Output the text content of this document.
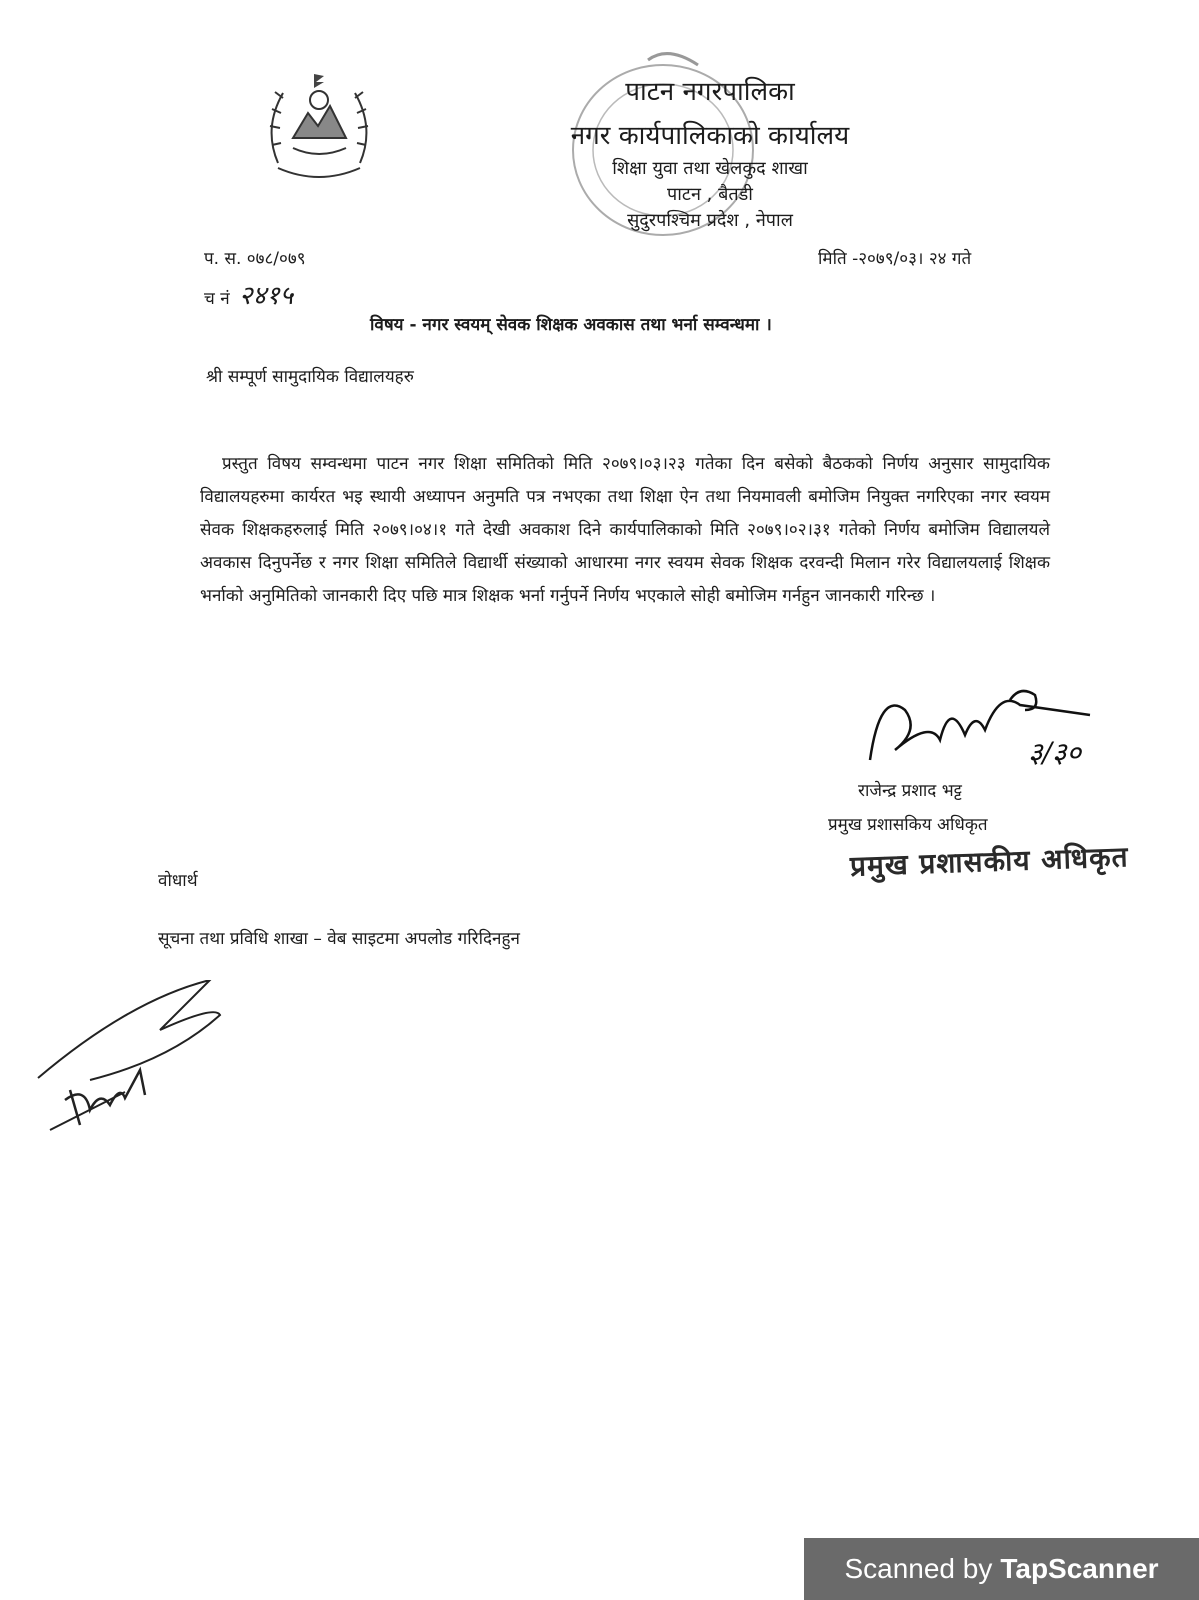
पाटन नगरपालिका
नगर कार्यपालिकाको कार्यालय
शिक्षा युवा तथा खेलकुद शाखा
पाटन , बैतडी
सुदुरपश्चिम प्रदेश , नेपाल
प. स. ०७८/०७९
च नं २४१५
मिति -२०७९/०३। २४ गते
विषय - नगर स्वयम् सेवक शिक्षक अवकास तथा भर्ना सम्वन्धमा ।
श्री सम्पूर्ण सामुदायिक विद्यालयहरु
प्रस्तुत विषय सम्वन्धमा पाटन नगर शिक्षा समितिको मिति २०७९।०३।२३ गतेका दिन बसेको बैठकको निर्णय अनुसार सामुदायिक विद्यालयहरुमा कार्यरत भइ स्थायी अध्यापन अनुमति पत्र नभएका तथा शिक्षा ऐन तथा नियमावली बमोजिम नियुक्त नगरिएका नगर स्वयम सेवक शिक्षकहरुलाई मिति २०७९।०४।१ गते देखी अवकाश दिने कार्यपालिकाको मिति २०७९।०२।३१ गतेको निर्णय बमोजिम विद्यालयले अवकास दिनुपर्नेछ र नगर शिक्षा समितिले विद्यार्थी संख्याको आधारमा नगर स्वयम सेवक शिक्षक दरवन्दी मिलान गरेर विद्यालयलाई शिक्षक भर्नाको अनुमितिको जानकारी दिए पछि मात्र शिक्षक भर्ना गर्नुपर्ने निर्णय भएकाले सोही बमोजिम गर्नहुन जानकारी गरिन्छ ।
३/३०
राजेन्द्र प्रशाद भट्ट
प्रमुख प्रशासकिय अधिकृत
प्रमुख प्रशासकीय अधिकृत
वोधार्थ
सूचना तथा प्रविधि शाखा – वेब साइटमा अपलोड गरिदिनहुन
Scanned by TapScanner
